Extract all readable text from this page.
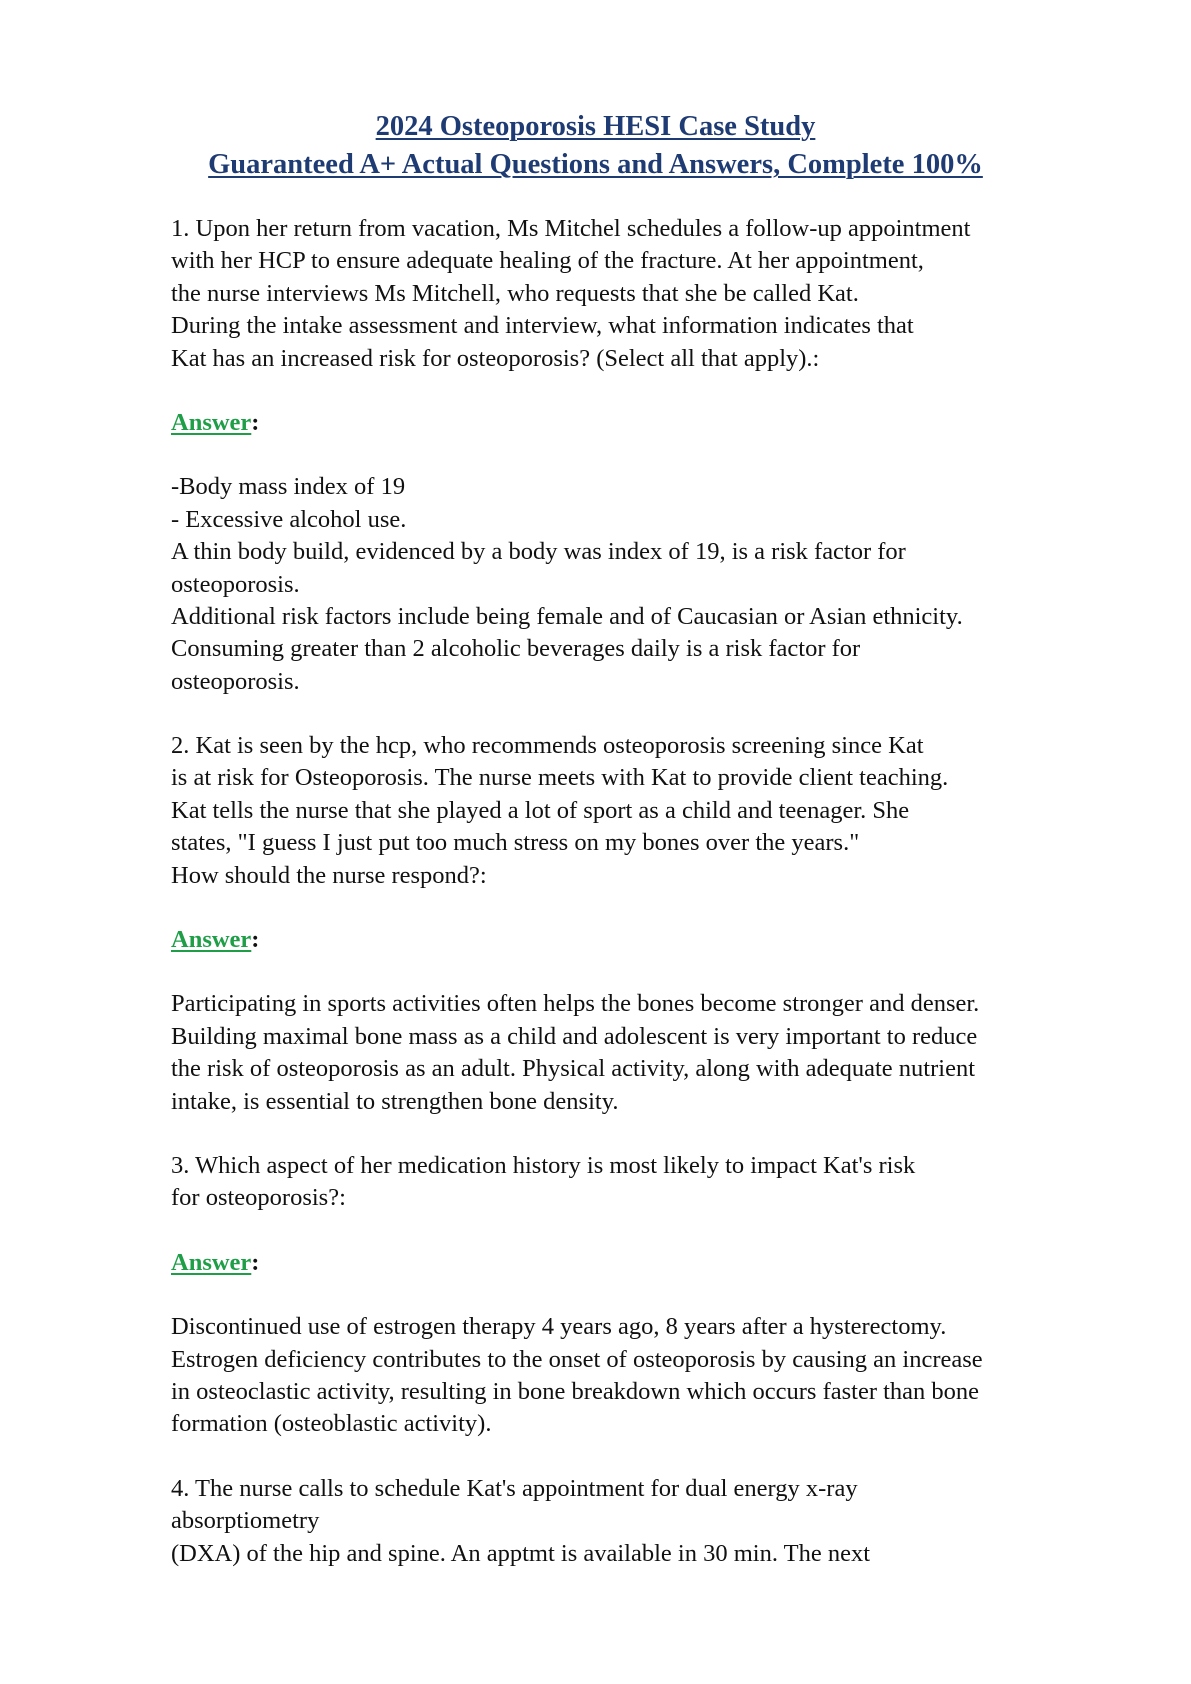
2024 Osteoporosis HESI Case Study
Guaranteed A+ Actual Questions and Answers, Complete 100%
1. Upon her return from vacation, Ms Mitchel schedules a follow-up appointment
with her HCP to ensure adequate healing of the fracture. At her appointment,
the nurse interviews Ms Mitchell, who requests that she be called Kat.
During the intake assessment and interview, what information indicates that
Kat has an increased risk for osteoporosis? (Select all that apply).:
Answer:
-Body mass index of 19
- Excessive alcohol use.
A thin body build, evidenced by a body was index of 19, is a risk factor for
osteoporosis.
Additional risk factors include being female and of Caucasian or Asian ethnicity.
Consuming greater than 2 alcoholic beverages daily is a risk factor for
osteoporosis.
2. Kat is seen by the hcp, who recommends osteoporosis screening since Kat
is at risk for Osteoporosis. The nurse meets with Kat to provide client teaching.
Kat tells the nurse that she played a lot of sport as a child and teenager. She
states, "I guess I just put too much stress on my bones over the years."
How should the nurse respond?:
Answer:
Participating in sports activities often helps the bones become stronger and denser.
Building maximal bone mass as a child and adolescent is very important to reduce
the risk of osteoporosis as an adult. Physical activity, along with adequate nutrient
intake, is essential to strengthen bone density.
3. Which aspect of her medication history is most likely to impact Kat's risk
for osteoporosis?:
Answer:
Discontinued use of estrogen therapy 4 years ago, 8 years after a hysterectomy.
Estrogen deficiency contributes to the onset of osteoporosis by causing an increase
in osteoclastic activity, resulting in bone breakdown which occurs faster than bone
formation (osteoblastic activity).
4. The nurse calls to schedule Kat's appointment for dual energy x-ray
absorptiometry
(DXA) of the hip and spine. An apptmt is available in 30 min. The next
